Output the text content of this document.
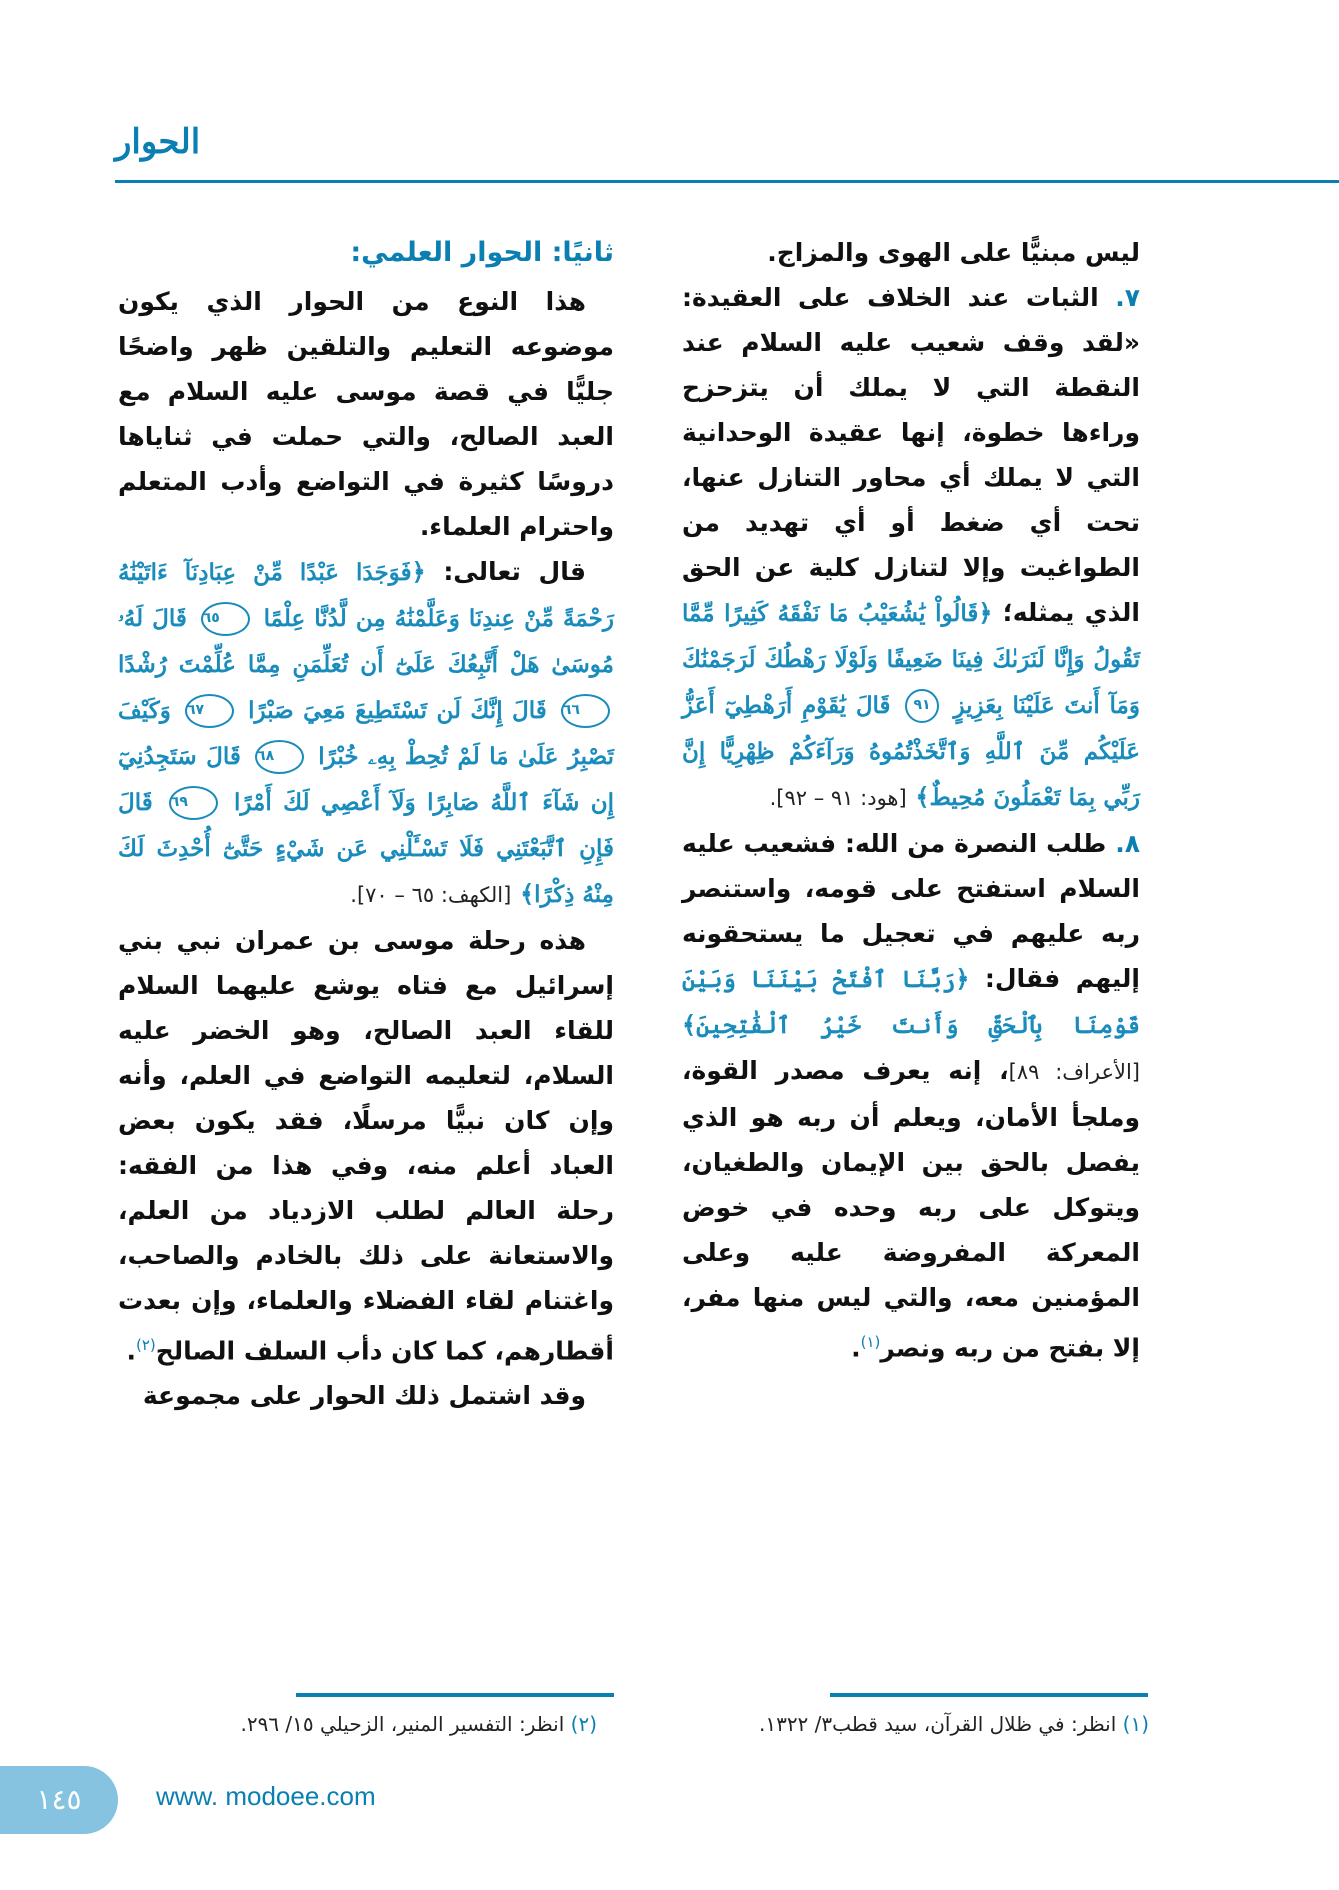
الحوار

ليس مبنيًّا على الهوى والمزاج.

٧. الثبات عند الخلاف على العقيدة: «لقد وقف شعيب عليه السلام عند النقطة التي لا يملك أن يتزحزح وراءها خطوة، إنها عقيدة الوحدانية التي لا يملك أي محاور التنازل عنها، تحت أي ضغط أو أي تهديد من الطواغيت وإلا لتنازل كلية عن الحق الذي يمثله؛ ﴿قَالُواْ يَٰشُعَيْبُ مَا نَفْقَهُ كَثِيرًا مِّمَّا تَقُولُ وَإِنَّا لَنَرَىٰكَ فِينَا ضَعِيفًا وَلَوْلَا رَهْطُكَ لَرَجَمْنَٰكَ وَمَآ أَنتَ عَلَيْنَا بِعَزِيزٍ ٩١ قَالَ يَٰقَوْمِ أَرَهْطِيٓ أَعَزُّ عَلَيْكُم مِّنَ ٱللَّهِ وَٱتَّخَذْتُمُوهُ وَرَآءَكُمْ ظِهْرِيًّا إِنَّ رَبِّي بِمَا تَعْمَلُونَ مُحِيطٌ﴾ [هود: ٩١ – ٩٢].

٨. طلب النصرة من الله: فشعيب عليه السلام استفتح على قومه، واستنصر ربه عليهم في تعجيل ما يستحقونه إليهم فقال: ﴿رَبَّنَا ٱفْتَحْ بَيْنَنَا وَبَيْنَ قَوْمِنَا بِٱلْحَقِّ وَأَنتَ خَيْرُ ٱلْفَٰتِحِينَ﴾ [الأعراف: ٨٩]، إنه يعرف مصدر القوة، وملجأ الأمان، ويعلم أن ربه هو الذي يفصل بالحق بين الإيمان والطغيان، ويتوكل على ربه وحده في خوض المعركة المفروضة عليه وعلى المؤمنين معه، والتي ليس منها مفر، إلا بفتح من ربه ونصر$^{(١)}$.

ثانيًا: الحوار العلمي:

هذا النوع من الحوار الذي يكون موضوعه التعليم والتلقين ظهر واضحًا جليًّا في قصة موسى عليه السلام مع العبد الصالح، والتي حملت في ثناياها دروسًا كثيرة في التواضع وأدب المتعلم واحترام العلماء.

قال تعالى: ﴿فَوَجَدَا عَبْدًا مِّنْ عِبَادِنَآ ءَاتَيْنَٰهُ رَحْمَةً مِّنْ عِندِنَا وَعَلَّمْنَٰهُ مِن لَّدُنَّا عِلْمًا ٦٥ قَالَ لَهُۥ مُوسَىٰ هَلْ أَتَّبِعُكَ عَلَىٰٓ أَن تُعَلِّمَنِ مِمَّا عُلِّمْتَ رُشْدًا ٦٦ قَالَ إِنَّكَ لَن تَسْتَطِيعَ مَعِيَ صَبْرًا ٦٧ وَكَيْفَ تَصْبِرُ عَلَىٰ مَا لَمْ تُحِطْ بِهِۦ خُبْرًا ٦٨ قَالَ سَتَجِدُنِيٓ إِن شَآءَ ٱللَّهُ صَابِرًا وَلَآ أَعْصِي لَكَ أَمْرًا ٦٩ قَالَ فَإِنِ ٱتَّبَعْتَنِي فَلَا تَسْـَٔلْنِي عَن شَيْءٍ حَتَّىٰٓ أُحْدِثَ لَكَ مِنْهُ ذِكْرًا﴾ [الكهف: ٦٥ – ٧٠].

هذه رحلة موسى بن عمران نبي بني إسرائيل مع فتاه يوشع عليهما السلام للقاء العبد الصالح، وهو الخضر عليه السلام، لتعليمه التواضع في العلم، وأنه وإن كان نبيًّا مرسلًا، فقد يكون بعض العباد أعلم منه، وفي هذا من الفقه: رحلة العالم لطلب الازدياد من العلم، والاستعانة على ذلك بالخادم والصاحب، واغتنام لقاء الفضلاء والعلماء، وإن بعدت أقطارهم، كما كان دأب السلف الصالح$^{(٢)}$.

وقد اشتمل ذلك الحوار على مجموعة

(١) انظر: في ظلال القرآن، سيد قطب٣/ ١٣٢٢.
(٢) انظر: التفسير المنير، الزحيلي ١٥/ ٢٩٦.
١٤٥	www. modoee.com
